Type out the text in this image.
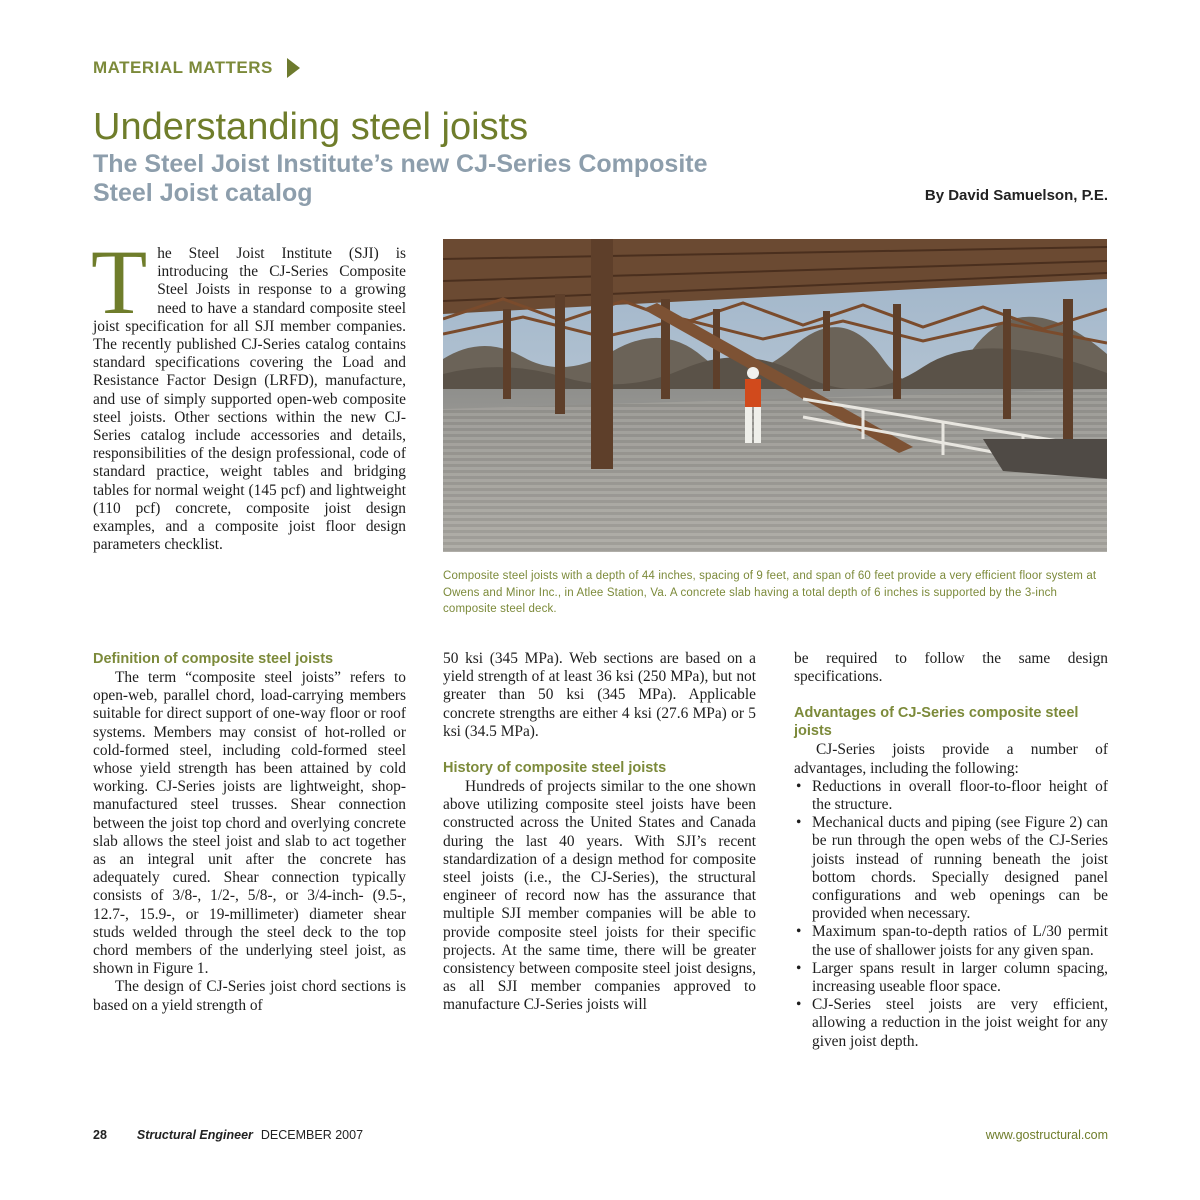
MATERIAL MATTERS
Understanding steel joists
The Steel Joist Institute’s new CJ-Series Composite Steel Joist catalog	By David Samuelson, P.E.

The Steel Joist Institute (SJI) is introducing the CJ-Series Composite Steel Joists in response to a growing need to have a standard composite steel joist specification for all SJI member companies. The recently published CJ-Series catalog contains standard specifications covering the Load and Resistance Factor Design (LRFD), manufacture, and use of simply supported open-web composite steel joists. Other sections within the new CJ-Series catalog include accessories and details, responsibilities of the design professional, code of standard practice, weight tables and bridging tables for normal weight (145 pcf) and lightweight (110 pcf) concrete, composite joist design examples, and a composite joist floor design parameters checklist.

Composite steel joists with a depth of 44 inches, spacing of 9 feet, and span of 60 feet provide a very efficient floor system at Owens and Minor Inc., in Atlee Station, Va. A concrete slab having a total depth of 6 inches is supported by the 3-inch composite steel deck.
Definition of composite steel joists

The term “composite steel joists” refers to open-web, parallel chord, load-carrying members suitable for direct support of one-way floor or roof systems. Members may consist of hot-rolled or cold-formed steel, including cold-formed steel whose yield strength has been attained by cold working. CJ-Series joists are lightweight, shop-manufactured steel trusses. Shear connection between the joist top chord and overlying concrete slab allows the steel joist and slab to act together as an integral unit after the concrete has adequately cured. Shear connection typically consists of 3/8-, 1/2-, 5/8-, or 3/4-inch- (9.5-, 12.7-, 15.9-, or 19-millimeter) diameter shear studs welded through the steel deck to the top chord members of the underlying steel joist, as shown in Figure 1.

The design of CJ-Series joist chord sections is based on a yield strength of

50 ksi (345 MPa). Web sections are based on a yield strength of at least 36 ksi (250 MPa), but not greater than 50 ksi (345 MPa). Applicable concrete strengths are either 4 ksi (27.6 MPa) or 5 ksi (34.5 MPa).

History of composite steel joists

Hundreds of projects similar to the one shown above utilizing composite steel joists have been constructed across the United States and Canada during the last 40 years. With SJI’s recent standardization of a design method for composite steel joists (i.e., the CJ-Series), the structural engineer of record now has the assurance that multiple SJI member companies will be able to provide composite steel joists for their specific projects. At the same time, there will be greater consistency between composite steel joist designs, as all SJI member companies approved to manufacture CJ-Series joists will

be required to follow the same design specifications.

Advantages of CJ-Series composite steel joists

CJ-Series joists provide a number of advantages, including the following:

• Reductions in overall floor-to-floor height of the structure.
• Mechanical ducts and piping (see Figure 2) can be run through the open webs of the CJ-Series joists instead of running beneath the joist bottom chords. Specially designed panel configurations and web openings can be provided when necessary.
• Maximum span-to-depth ratios of L/30 permit the use of shallower joists for any given span.
• Larger spans result in larger column spacing, increasing useable floor space.
• CJ-Series steel joists are very efficient, allowing a reduction in the joist weight for any given joist depth.
28 Structural Engineer DECEMBER 2007	www.gostructural.com
